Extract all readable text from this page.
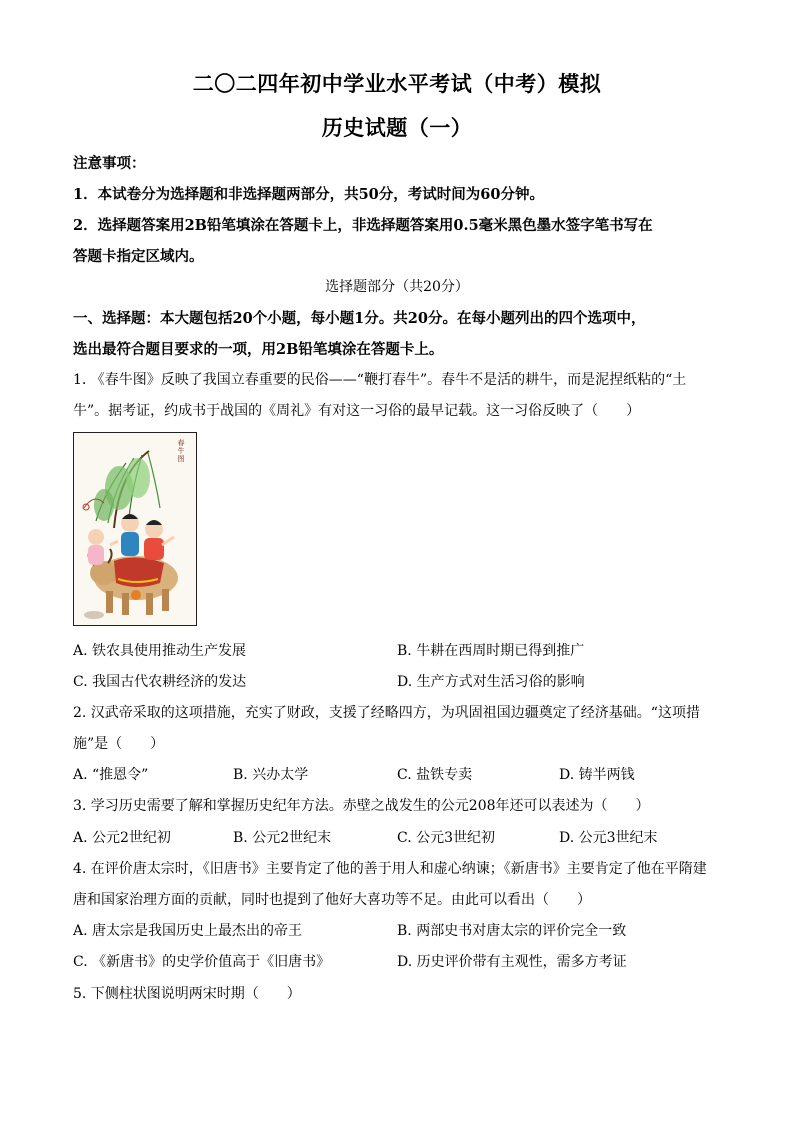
二〇二四年初中学业水平考试（中考）模拟
历史试题（一）
注意事项：
1．本试卷分为选择题和非选择题两部分，共50分，考试时间为60分钟。
2．选择题答案用2B铅笔填涂在答题卡上，非选择题答案用0.5毫米黑色墨水签字笔书写在
答题卡指定区域内。
选择题部分（共20分）
一、选择题：本大题包括20个小题，每小题1分。共20分。在每小题列出的四个选项中，
选出最符合题目要求的一项，用2B铅笔填涂在答题卡上。
1. 《春牛图》反映了我国立春重要的民俗——“鞭打春牛”。春牛不是活的耕牛，而是泥捏纸粘的“土
牛”。据考证，约成书于战国的《周礼》有对这一习俗的最早记载。这一习俗反映了（　　）
春牛图
A. 铁农具使用推动生产发展	B. 牛耕在西周时期已得到推广
C. 我国古代农耕经济的发达	D. 生产方式对生活习俗的影响
2. 汉武帝采取的这项措施，充实了财政，支援了经略四方，为巩固祖国边疆奠定了经济基础。“这项措
施”是（　　）
A. “推恩令”	B. 兴办太学	C. 盐铁专卖	D. 铸半两钱
3. 学习历史需要了解和掌握历史纪年方法。赤壁之战发生的公元208年还可以表述为（　　）
A. 公元2世纪初	B. 公元2世纪末	C. 公元3世纪初	D. 公元3世纪末
4. 在评价唐太宗时，《旧唐书》主要肯定了他的善于用人和虚心纳谏；《新唐书》主要肯定了他在平隋建
唐和国家治理方面的贡献，同时也提到了他好大喜功等不足。由此可以看出（　　）
A. 唐太宗是我国历史上最杰出的帝王	B. 两部史书对唐太宗的评价完全一致
C. 《新唐书》的史学价值高于《旧唐书》	D. 历史评价带有主观性，需多方考证
5. 下侧柱状图说明两宋时期（　　）
